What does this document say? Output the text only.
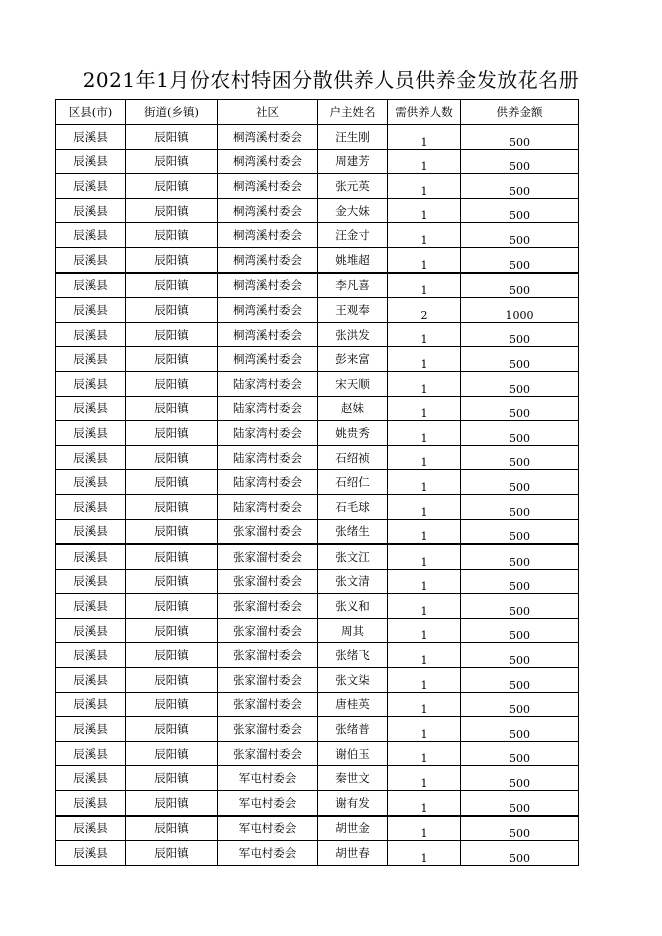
2021年1月份农村特困分散供养人员供养金发放花名册
区县(市)	街道(乡镇)	社区	户主姓名	需供养人数	供养金额
辰溪县	辰阳镇	桐湾溪村委会	汪生刚	1	500
辰溪县	辰阳镇	桐湾溪村委会	周建芳	1	500
辰溪县	辰阳镇	桐湾溪村委会	张元英	1	500
辰溪县	辰阳镇	桐湾溪村委会	金大妹	1	500
辰溪县	辰阳镇	桐湾溪村委会	汪金寸	1	500
辰溪县	辰阳镇	桐湾溪村委会	姚堆超	1	500
辰溪县	辰阳镇	桐湾溪村委会	李凡喜	1	500
辰溪县	辰阳镇	桐湾溪村委会	王观奉	2	1000
辰溪县	辰阳镇	桐湾溪村委会	张洪发	1	500
辰溪县	辰阳镇	桐湾溪村委会	彭来富	1	500
辰溪县	辰阳镇	陆家湾村委会	宋天顺	1	500
辰溪县	辰阳镇	陆家湾村委会	赵妹	1	500
辰溪县	辰阳镇	陆家湾村委会	姚贵秀	1	500
辰溪县	辰阳镇	陆家湾村委会	石绍祯	1	500
辰溪县	辰阳镇	陆家湾村委会	石绍仁	1	500
辰溪县	辰阳镇	陆家湾村委会	石毛球	1	500
辰溪县	辰阳镇	张家溜村委会	张绪生	1	500
辰溪县	辰阳镇	张家溜村委会	张文江	1	500
辰溪县	辰阳镇	张家溜村委会	张文清	1	500
辰溪县	辰阳镇	张家溜村委会	张义和	1	500
辰溪县	辰阳镇	张家溜村委会	周其	1	500
辰溪县	辰阳镇	张家溜村委会	张绪飞	1	500
辰溪县	辰阳镇	张家溜村委会	张文柒	1	500
辰溪县	辰阳镇	张家溜村委会	唐桂英	1	500
辰溪县	辰阳镇	张家溜村委会	张绪普	1	500
辰溪县	辰阳镇	张家溜村委会	谢伯玉	1	500
辰溪县	辰阳镇	军屯村委会	秦世文	1	500
辰溪县	辰阳镇	军屯村委会	谢有发	1	500
辰溪县	辰阳镇	军屯村委会	胡世金	1	500
辰溪县	辰阳镇	军屯村委会	胡世春	1	500
